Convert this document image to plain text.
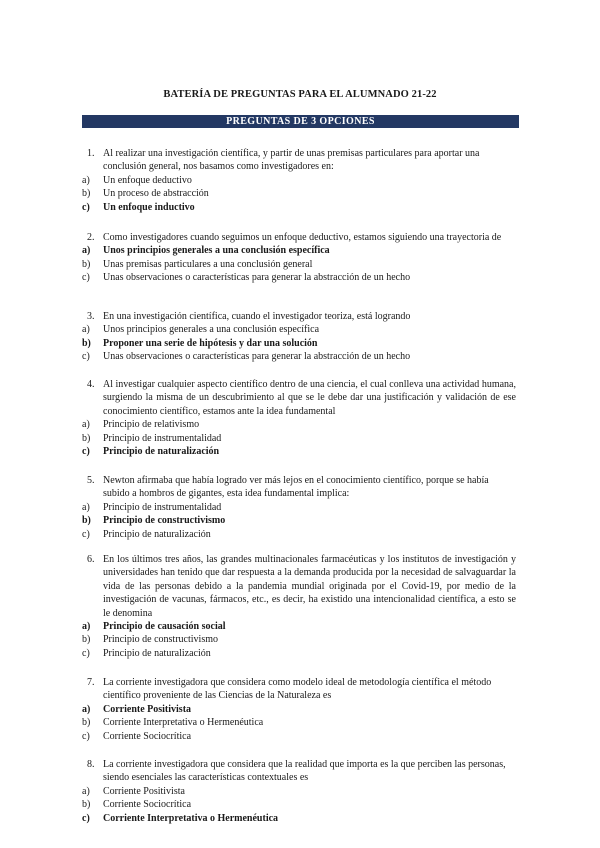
BATERÍA DE PREGUNTAS PARA EL ALUMNADO 21-22
PREGUNTAS DE 3 OPCIONES
1. Al realizar una investigación científica, y partir de unas premisas particulares para aportar una conclusión general, nos basamos como investigadores en:
a) Un enfoque deductivo
b) Un proceso de abstracción
c) Un enfoque inductivo
2. Como investigadores cuando seguimos un enfoque deductivo, estamos siguiendo una trayectoria de
a) Unos principios generales a una conclusión específica
b) Unas premisas particulares a una conclusión general
c) Unas observaciones o características para generar la abstracción de un hecho
3. En una investigación científica, cuando el investigador teoriza, está logrando
a) Unos principios generales a una conclusión específica
b) Proponer una serie de hipótesis y dar una solución
c) Unas observaciones o características para generar la abstracción de un hecho
4. Al investigar cualquier aspecto científico dentro de una ciencia, el cual conlleva una actividad humana, surgiendo la misma de un descubrimiento al que se le debe dar una justificación y validación de ese conocimiento científico, estamos ante la idea fundamental
a) Principio de relativismo
b) Principio de instrumentalidad
c) Principio de naturalización
5. Newton afirmaba que había logrado ver más lejos en el conocimiento científico, porque se había subido a hombros de gigantes, esta idea fundamental implica:
a) Principio de instrumentalidad
b) Principio de constructivismo
c) Principio de naturalización
6. En los últimos tres años, las grandes multinacionales farmacéuticas y los institutos de investigación y universidades han tenido que dar respuesta a la demanda producida por la necesidad de salvaguardar la vida de las personas debido a la pandemia mundial originada por el Covid-19, por medio de la investigación de vacunas, fármacos, etc., es decir, ha existido una intencionalidad científica, a esto se le denomina
a) Principio de causación social
b) Principio de constructivismo
c) Principio de naturalización
7. La corriente investigadora que considera como modelo ideal de metodología científica el método científico proveniente de las Ciencias de la Naturaleza es
a) Corriente Positivista
b) Corriente Interpretativa o Hermenéutica
c) Corriente Sociocrítica
8. La corriente investigadora que considera que la realidad que importa es la que perciben las personas, siendo esenciales las características contextuales es
a) Corriente Positivista
b) Corriente Sociocrítica
c) Corriente Interpretativa o Hermenéutica
